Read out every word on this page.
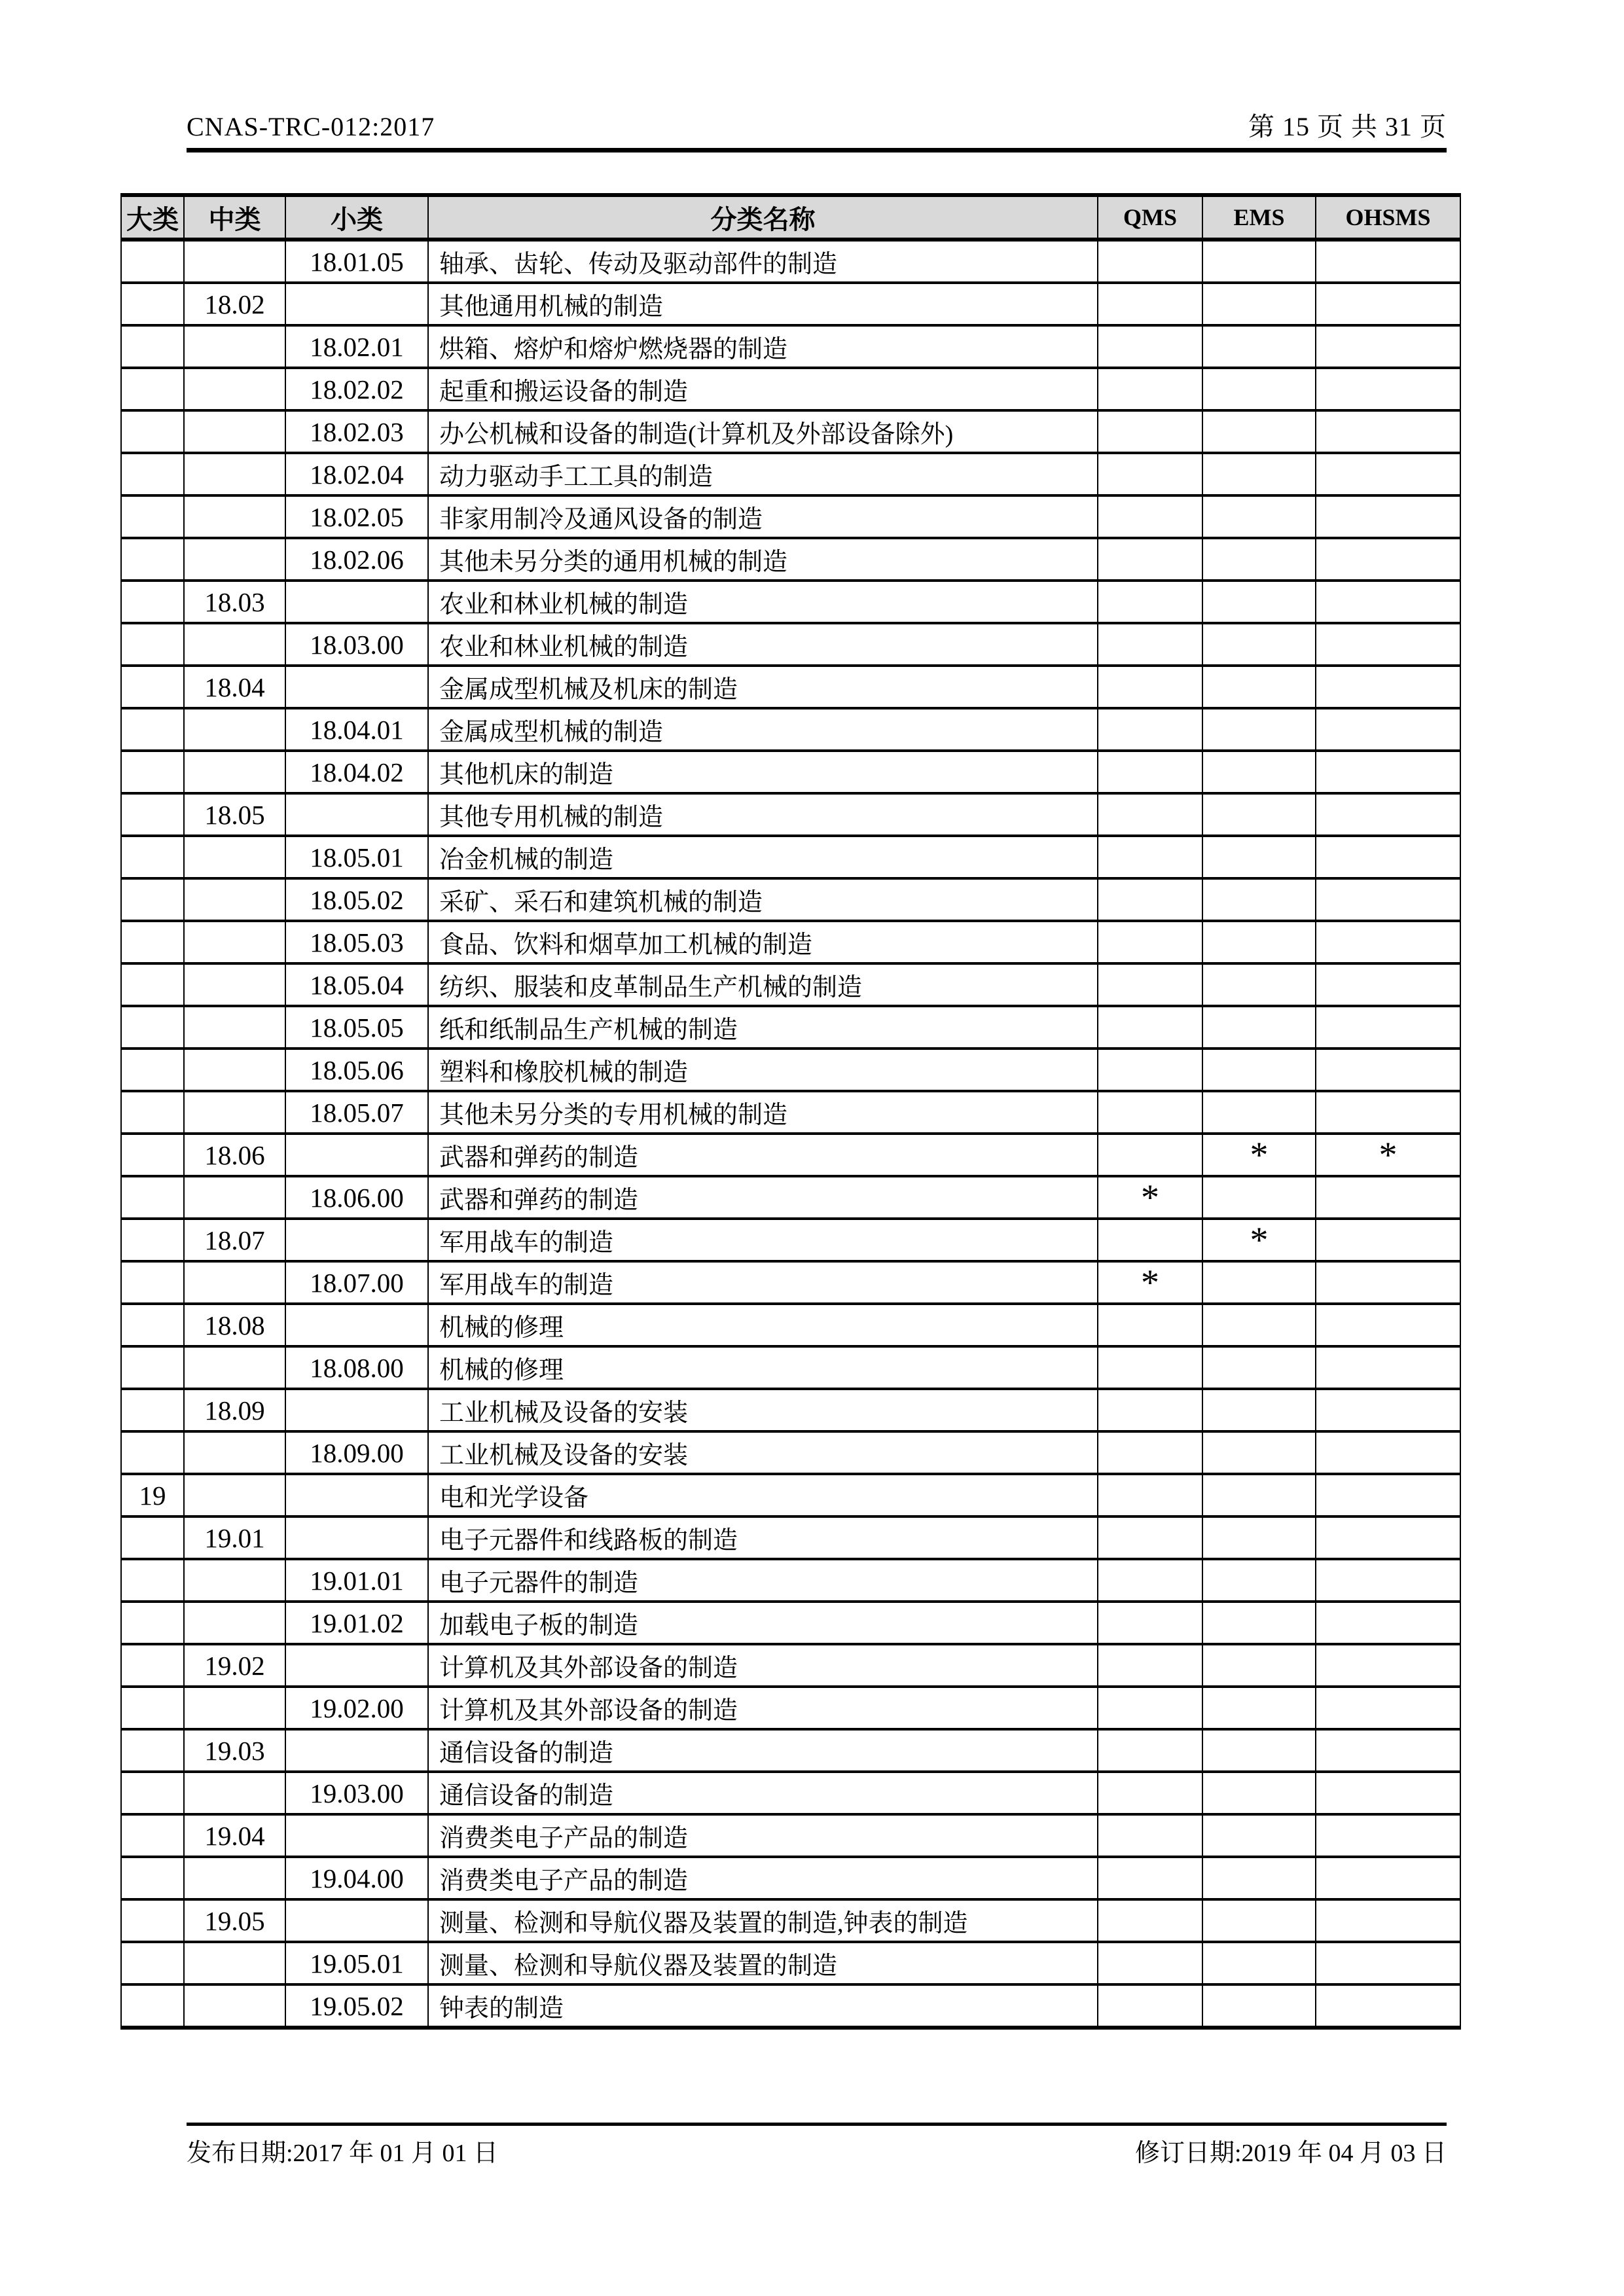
CNAS-TRC-012:2017	第 15 页 共 31 页
大类	中类	小类	分类名称	QMS	EMS	OHSMS
		18.01.05	轴承、齿轮、传动及驱动部件的制造			
	18.02		其他通用机械的制造			
		18.02.01	烘箱、熔炉和熔炉燃烧器的制造			
		18.02.02	起重和搬运设备的制造			
		18.02.03	办公机械和设备的制造(计算机及外部设备除外)			
		18.02.04	动力驱动手工工具的制造			
		18.02.05	非家用制冷及通风设备的制造			
		18.02.06	其他未另分类的通用机械的制造			
	18.03		农业和林业机械的制造			
		18.03.00	农业和林业机械的制造			
	18.04		金属成型机械及机床的制造			
		18.04.01	金属成型机械的制造			
		18.04.02	其他机床的制造			
	18.05		其他专用机械的制造			
		18.05.01	冶金机械的制造			
		18.05.02	采矿、采石和建筑机械的制造			
		18.05.03	食品、饮料和烟草加工机械的制造			
		18.05.04	纺织、服装和皮革制品生产机械的制造			
		18.05.05	纸和纸制品生产机械的制造			
		18.05.06	塑料和橡胶机械的制造			
		18.05.07	其他未另分类的专用机械的制造			
	18.06		武器和弹药的制造		*	*
		18.06.00	武器和弹药的制造	*		
	18.07		军用战车的制造		*	
		18.07.00	军用战车的制造	*		
	18.08		机械的修理			
		18.08.00	机械的修理			
	18.09		工业机械及设备的安装			
		18.09.00	工业机械及设备的安装			
19			电和光学设备			
	19.01		电子元器件和线路板的制造			
		19.01.01	电子元器件的制造			
		19.01.02	加载电子板的制造			
	19.02		计算机及其外部设备的制造			
		19.02.00	计算机及其外部设备的制造			
	19.03		通信设备的制造			
		19.03.00	通信设备的制造			
	19.04		消费类电子产品的制造			
		19.04.00	消费类电子产品的制造			
	19.05		测量、检测和导航仪器及装置的制造,钟表的制造			
		19.05.01	测量、检测和导航仪器及装置的制造			
		19.05.02	钟表的制造			
发布日期:2017 年 01 月 01 日	修订日期:2019 年 04 月 03 日
